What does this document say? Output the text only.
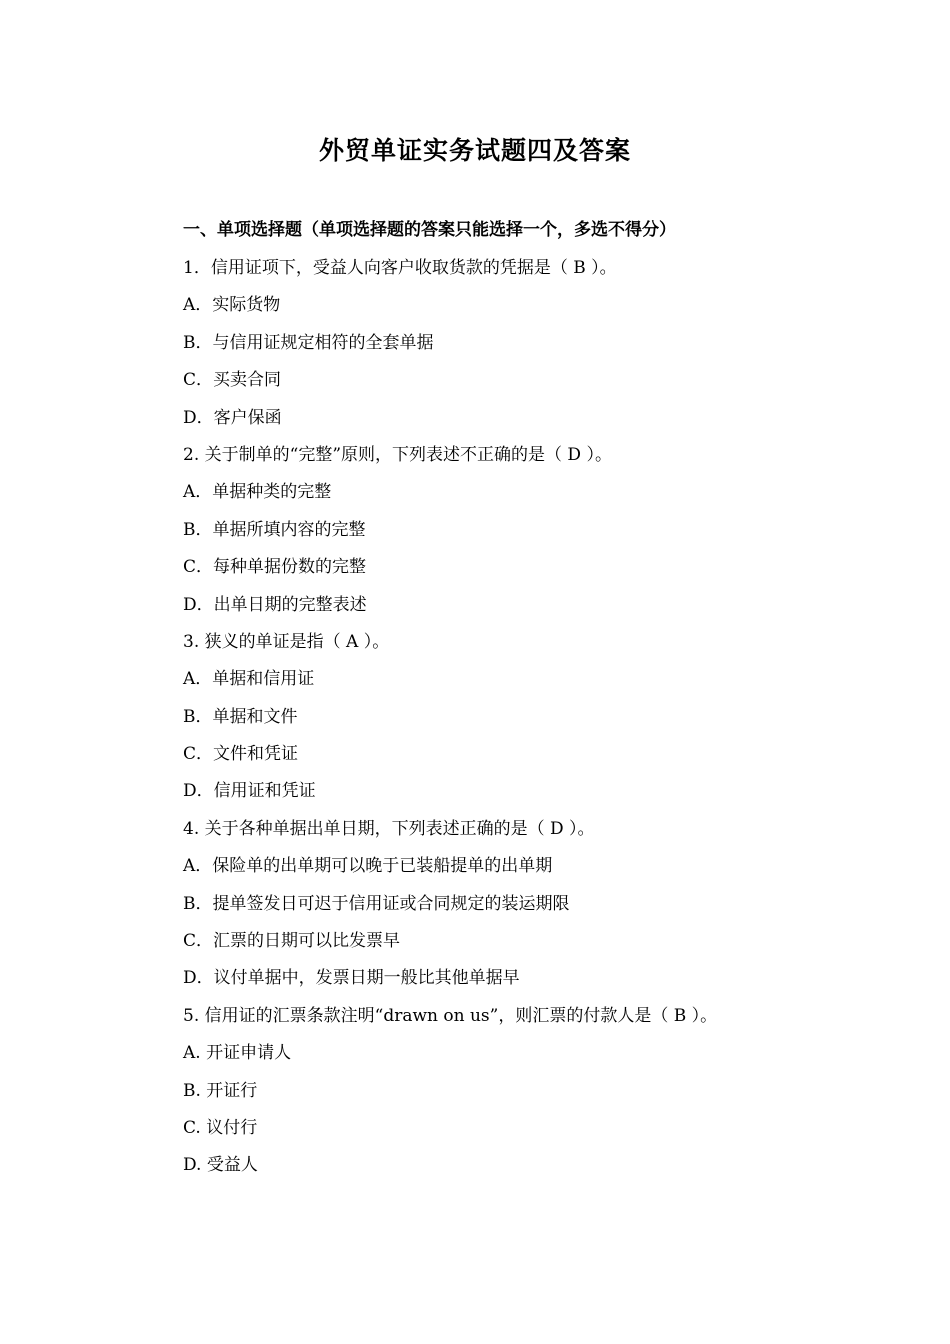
外贸单证实务试题四及答案
一、单项选择题（单项选择题的答案只能选择一个，多选不得分）
1．信用证项下，受益人向客户收取货款的凭据是（ B ）。
A．实际货物
B．与信用证规定相符的全套单据
C．买卖合同
D．客户保函
2. 关于制单的“完整”原则，下列表述不正确的是（ D ）。
A．单据种类的完整
B．单据所填内容的完整
C．每种单据份数的完整
D．出单日期的完整表述
3. 狭义的单证是指（ A ）。
A．单据和信用证
B．单据和文件
C．文件和凭证
D．信用证和凭证
4. 关于各种单据出单日期，下列表述正确的是（ D ）。
A．保险单的出单期可以晚于已装船提单的出单期
B．提单签发日可迟于信用证或合同规定的装运期限
C．汇票的日期可以比发票早
D．议付单据中，发票日期一般比其他单据早
5. 信用证的汇票条款注明“drawn on us”，则汇票的付款人是（ B ）。
A. 开证申请人
B. 开证行
C. 议付行
D. 受益人
